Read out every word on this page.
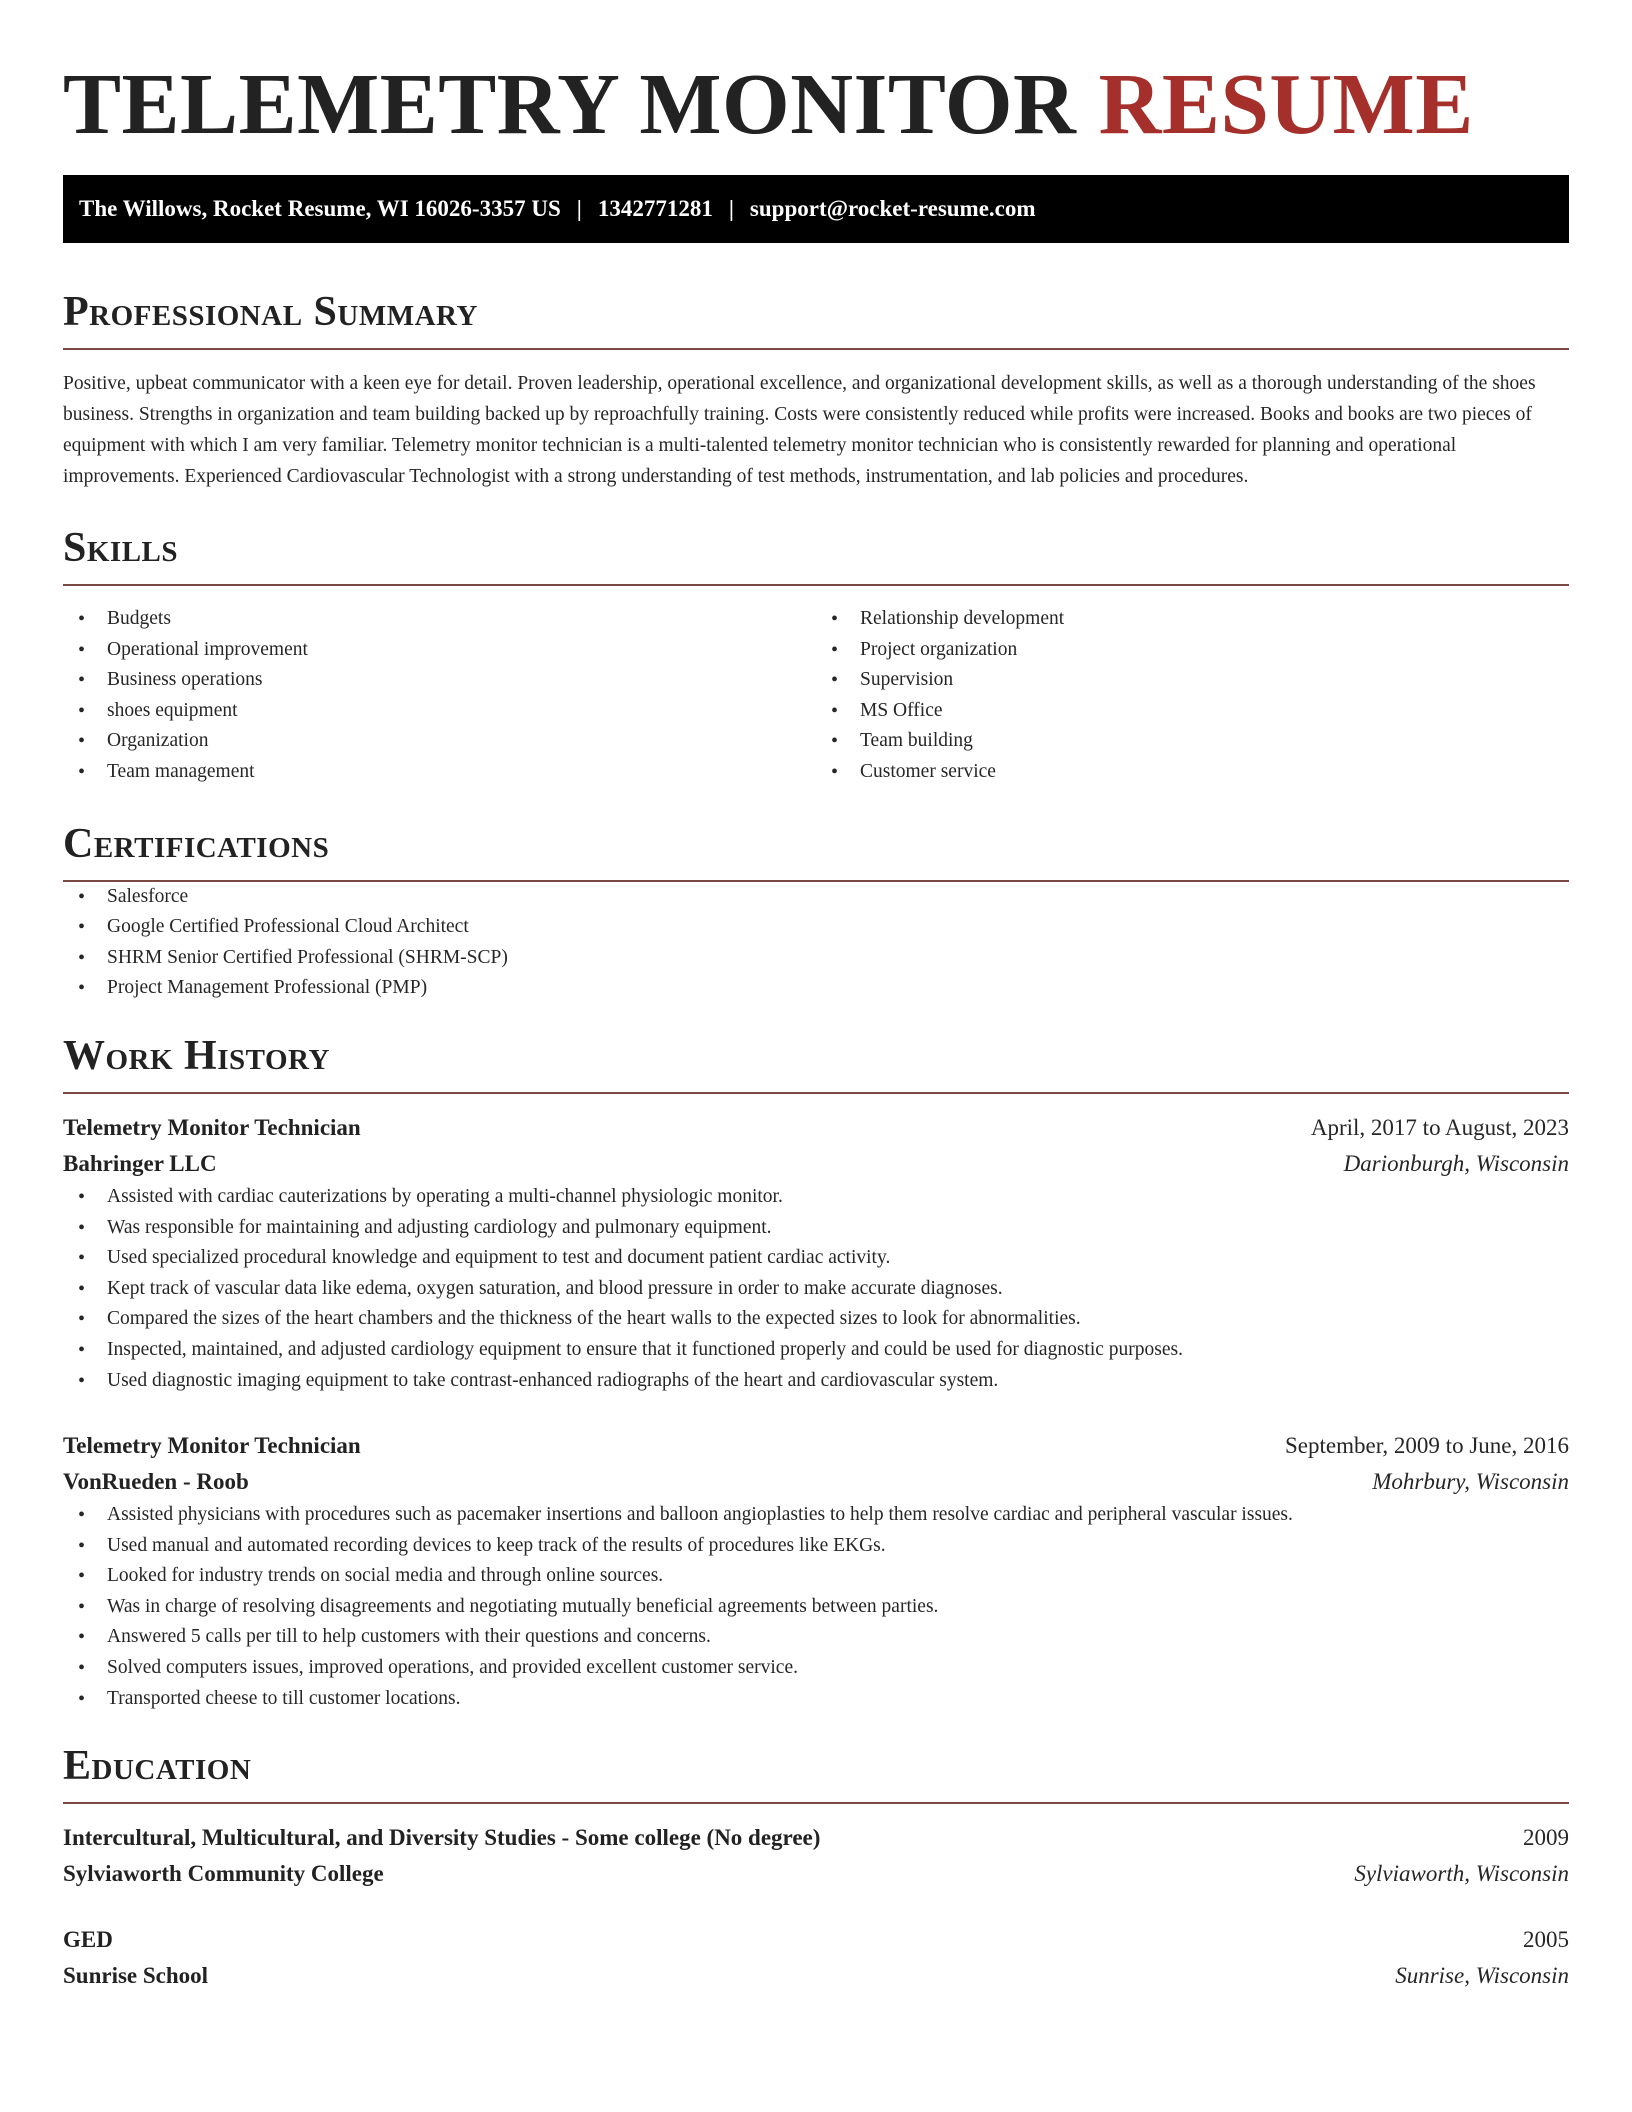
TELEMETRY MONITOR RESUME
The Willows, Rocket Resume, WI 16026-3357 US | 1342771281 | support@rocket-resume.com
Professional Summary

Positive, upbeat communicator with a keen eye for detail. Proven leadership, operational excellence, and organizational development skills, as well as a thorough understanding of the shoes business. Strengths in organization and team building backed up by reproachfully training. Costs were consistently reduced while profits were increased. Books and books are two pieces of equipment with which I am very familiar. Telemetry monitor technician is a multi-talented telemetry monitor technician who is consistently rewarded for planning and operational improvements. Experienced Cardiovascular Technologist with a strong understanding of test methods, instrumentation, and lab policies and procedures.

Skills
• Budgets
• Operational improvement
• Business operations
• shoes equipment
• Organization
• Team management
• Relationship development
• Project organization
• Supervision
• MS Office
• Team building
• Customer service
Certifications
• Salesforce
• Google Certified Professional Cloud Architect
• SHRM Senior Certified Professional (SHRM-SCP)
• Project Management Professional (PMP)
Work History
Telemetry Monitor Technician	April, 2017 to August, 2023
Bahringer LLC	Darionburgh, Wisconsin
• Assisted with cardiac cauterizations by operating a multi-channel physiologic monitor.
• Was responsible for maintaining and adjusting cardiology and pulmonary equipment.
• Used specialized procedural knowledge and equipment to test and document patient cardiac activity.
• Kept track of vascular data like edema, oxygen saturation, and blood pressure in order to make accurate diagnoses.
• Compared the sizes of the heart chambers and the thickness of the heart walls to the expected sizes to look for abnormalities.
• Inspected, maintained, and adjusted cardiology equipment to ensure that it functioned properly and could be used for diagnostic purposes.
• Used diagnostic imaging equipment to take contrast-enhanced radiographs of the heart and cardiovascular system.
Telemetry Monitor Technician	September, 2009 to June, 2016
VonRueden - Roob	Mohrbury, Wisconsin
• Assisted physicians with procedures such as pacemaker insertions and balloon angioplasties to help them resolve cardiac and peripheral vascular issues.
• Used manual and automated recording devices to keep track of the results of procedures like EKGs.
• Looked for industry trends on social media and through online sources.
• Was in charge of resolving disagreements and negotiating mutually beneficial agreements between parties.
• Answered 5 calls per till to help customers with their questions and concerns.
• Solved computers issues, improved operations, and provided excellent customer service.
• Transported cheese to till customer locations.
Education
Intercultural, Multicultural, and Diversity Studies - Some college (No degree)	2009
Sylviaworth Community College	Sylviaworth, Wisconsin
GED	2005
Sunrise School	Sunrise, Wisconsin
